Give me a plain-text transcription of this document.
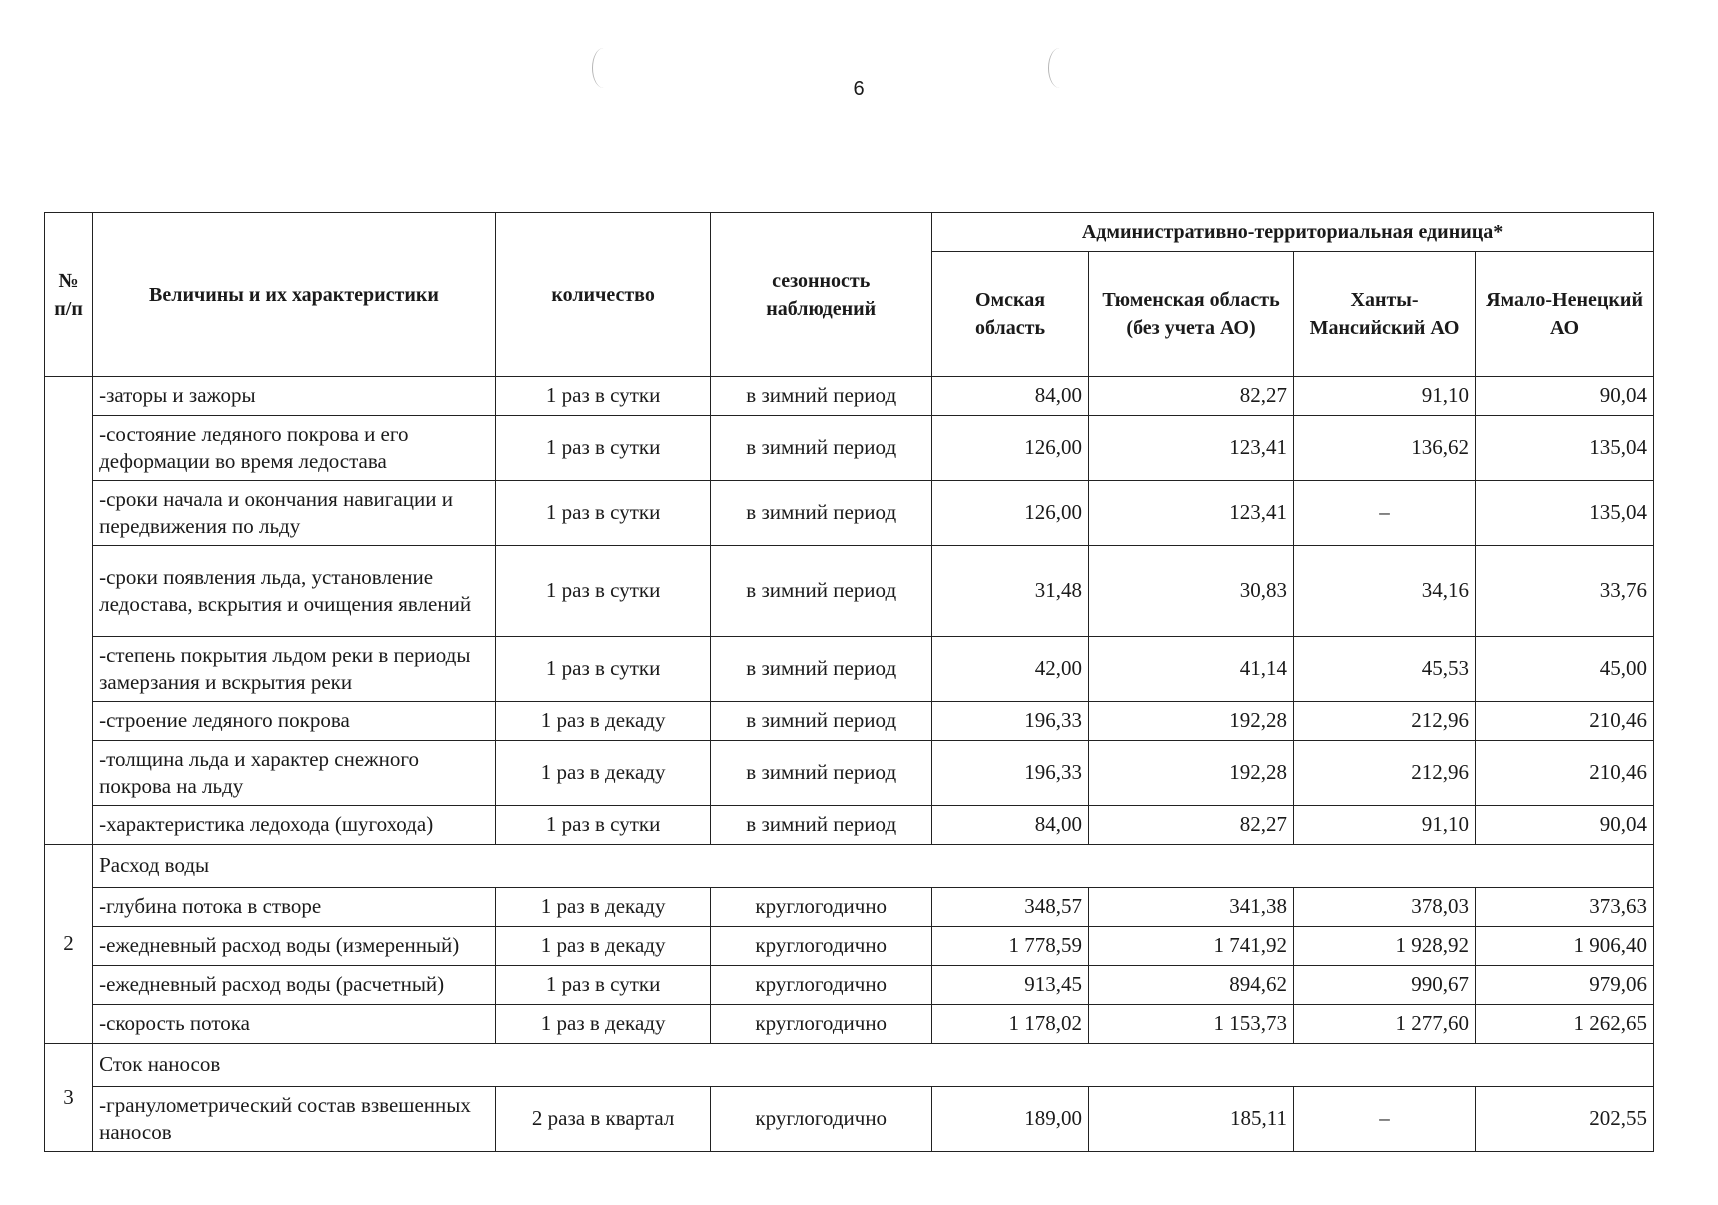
6
№ п/п	Величины и их характеристики	количество	сезонность наблюдений	Административно-территориальная единица*			
				Омская область	Тюменская область (без учета АО)	Ханты-Мансийский АО	Ямало-Ненецкий АО
	-заторы и зажоры	1 раз в сутки	в зимний период	84,00	82,27	91,10	90,04
	-состояние ледяного покрова и его деформации во время ледостава	1 раз в сутки	в зимний период	126,00	123,41	136,62	135,04
	-сроки начала и окончания навигации и передвижения по льду	1 раз в сутки	в зимний период	126,00	123,41	–	135,04
	-сроки появления льда, установление ледостава, вскрытия и очищения явлений	1 раз в сутки	в зимний период	31,48	30,83	34,16	33,76
	-степень покрытия льдом реки в периоды замерзания и вскрытия реки	1 раз в сутки	в зимний период	42,00	41,14	45,53	45,00
	-строение ледяного покрова	1 раз в декаду	в зимний период	196,33	192,28	212,96	210,46
	-толщина льда и характер снежного покрова на льду	1 раз в декаду	в зимний период	196,33	192,28	212,96	210,46
	-характеристика ледохода (шугохода)	1 раз в сутки	в зимний период	84,00	82,27	91,10	90,04
2	Расход воды						
	-глубина потока в створе	1 раз в декаду	круглогодично	348,57	341,38	378,03	373,63
	-ежедневный расход воды (измеренный)	1 раз в декаду	круглогодично	1 778,59	1 741,92	1 928,92	1 906,40
	-ежедневный расход воды (расчетный)	1 раз в сутки	круглогодично	913,45	894,62	990,67	979,06
	-скорость потока	1 раз в декаду	круглогодично	1 178,02	1 153,73	1 277,60	1 262,65
3	Сток наносов						
	-гранулометрический состав взвешенных наносов	2 раза в квартал	круглогодично	189,00	185,11	–	202,55
